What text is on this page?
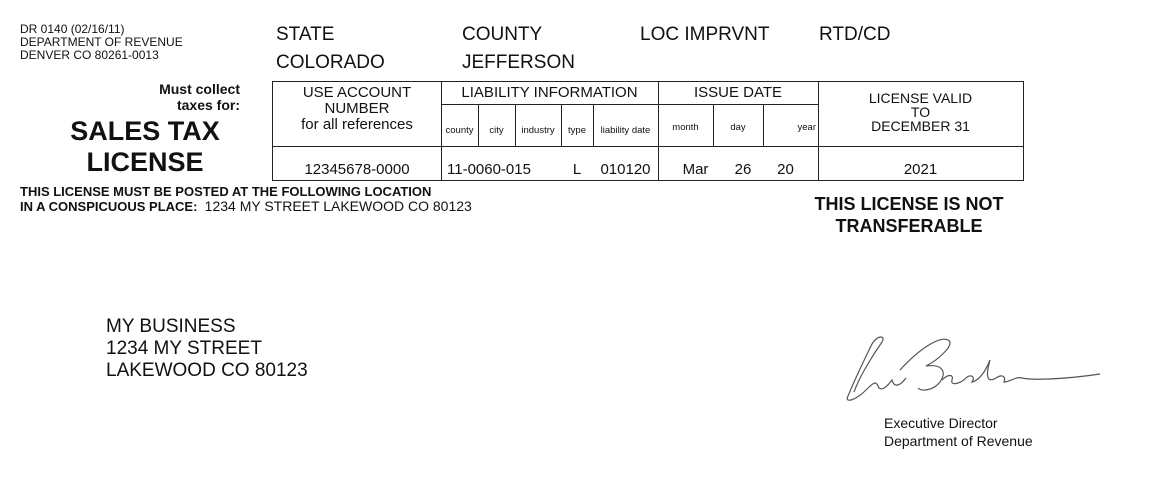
DR 0140 (02/16/11)
DEPARTMENT OF REVENUE
DENVER CO 80261-0013
STATE	COUNTY	LOC IMPRVNT	RTD/CD
COLORADO	JEFFERSON
Must collect taxes for:
SALES TAX
LICENSE
USE ACCOUNT
NUMBER
for all references
LIABILITY INFORMATION	ISSUE DATE	LICENSE VALID
TO
DECEMBER 31
county	city	industry	type	liability date	month	day	year
12345678-0000	11-0060-015	L	010120	Mar	26	20	2021
THIS LICENSE MUST BE POSTED AT THE FOLLOWING LOCATION
IN A CONSPICUOUS PLACE: 1234 MY STREET LAKEWOOD CO 80123	THIS LICENSE IS NOT
TRANSFERABLE
MY BUSINESS
1234 MY STREET
LAKEWOOD CO 80123
Executive Director
Department of Revenue
